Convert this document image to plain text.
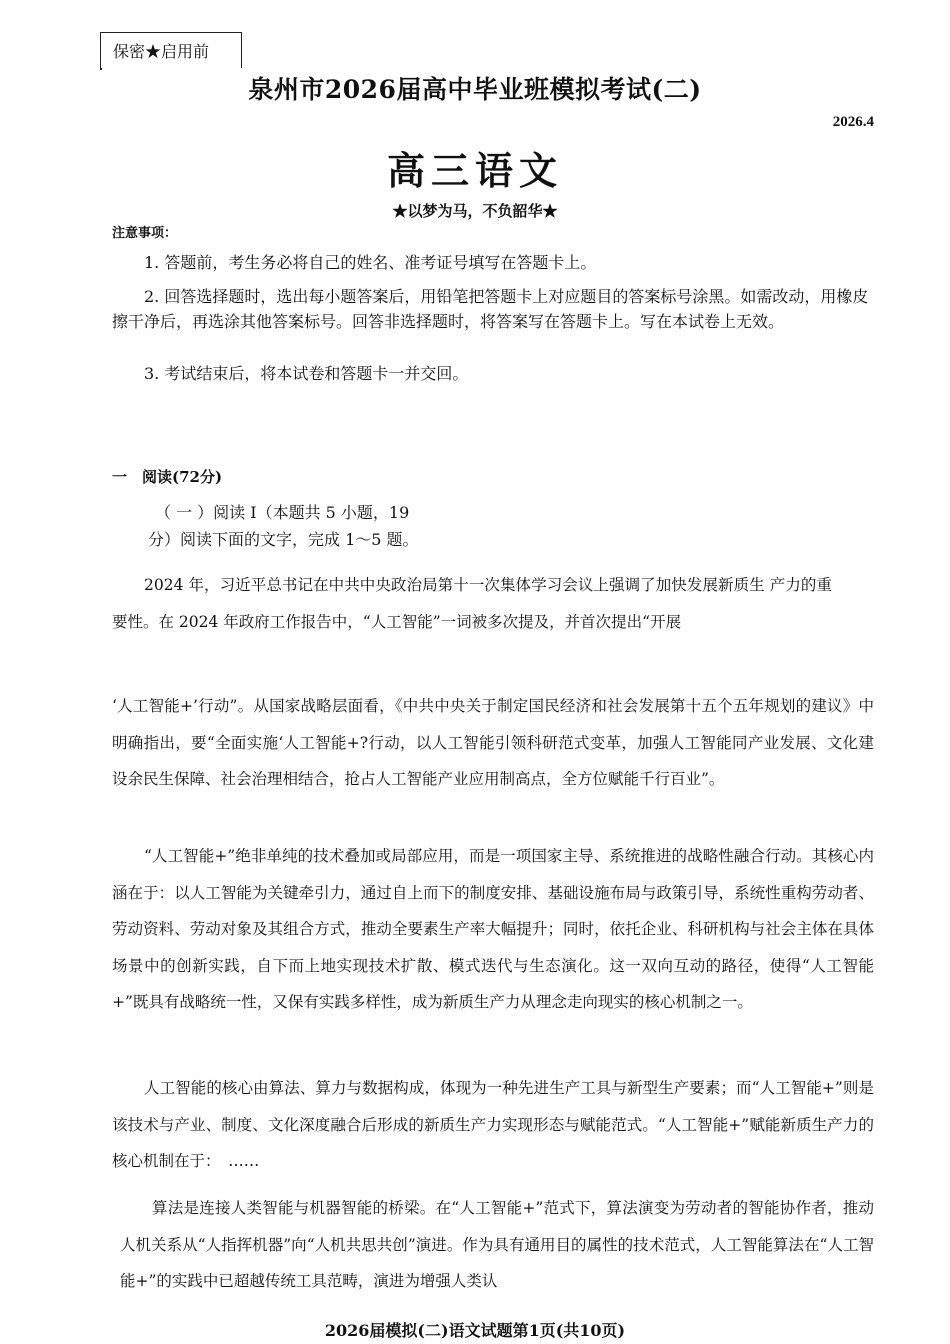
保密★启用前
泉州市2026届高中毕业班模拟考试(二)
2026.4
高三语文
★以梦为马，不负韶华★
注意事项：
1. 答题前，考生务必将自己的姓名、准考证号填写在答题卡上。
2. 回答选择题时，选出每小题答案后，用铅笔把答题卡上对应题目的答案标号涂黑。如需改动，用橡皮擦干净后，再选涂其他答案标号。回答非选择题时，将答案写在答题卡上。写在本试卷上无效。
3. 考试结束后，将本试卷和答题卡一并交回。
一　阅读(72分)
（ 一 ）阅读 I（本题共 5 小题，19
分）阅读下面的文字，完成 1～5 题。
2024 年，习近平总书记在中共中央政治局第十一次集体学习会议上强调了加快发展新质生 产力的重要性。在 2024 年政府工作报告中，“人工智能”一词被多次提及，并首次提出“开展
‘人工智能+’行动”。从国家战略层面看，《中共中央关于制定国民经济和社会发展第十五个五年规划的建议》中明确指出，要“全面实施‘人工智能+?行动，以人工智能引领科研范式变革，加强人工智能同产业发展、文化建设余民生保障、社会治理相结合，抢占人工智能产业应用制高点，全方位赋能千行百业”。
“人工智能+”绝非单纯的技术叠加或局部应用，而是一项国家主导、系统推进的战略性融合行动。其核心内涵在于：以人工智能为关键牵引力，通过自上而下的制度安排、基础设施布局与政策引导，系统性重构劳动者、劳动资料、劳动对象及其组合方式，推动全要素生产率大幅提升；同时，依托企业、科研机构与社会主体在具体场景中的创新实践，自下而上地实现技术扩散、模式迭代与生态演化。这一双向互动的路径，使得“人工智能+”既具有战略统一性，又保有实践多样性，成为新质生产力从理念走向现实的核心机制之一。
人工智能的核心由算法、算力与数据构成，体现为一种先进生产工具与新型生产要素；而“人工智能+”则是该技术与产业、制度、文化深度融合后形成的新质生产力实现形态与赋能范式。“人工智能+”赋能新质生产力的核心机制在于：　……
算法是连接人类智能与机器智能的桥梁。在“人工智能+”范式下，算法演变为劳动者的智能协作者，推动人机关系从“人指挥机器”向“人机共思共创”演进。作为具有通用目的属性的技术范式，人工智能算法在“人工智能+”的实践中已超越传统工具范畴，演进为增强人类认
2026届模拟(二)语文试题第1页(共10页)
